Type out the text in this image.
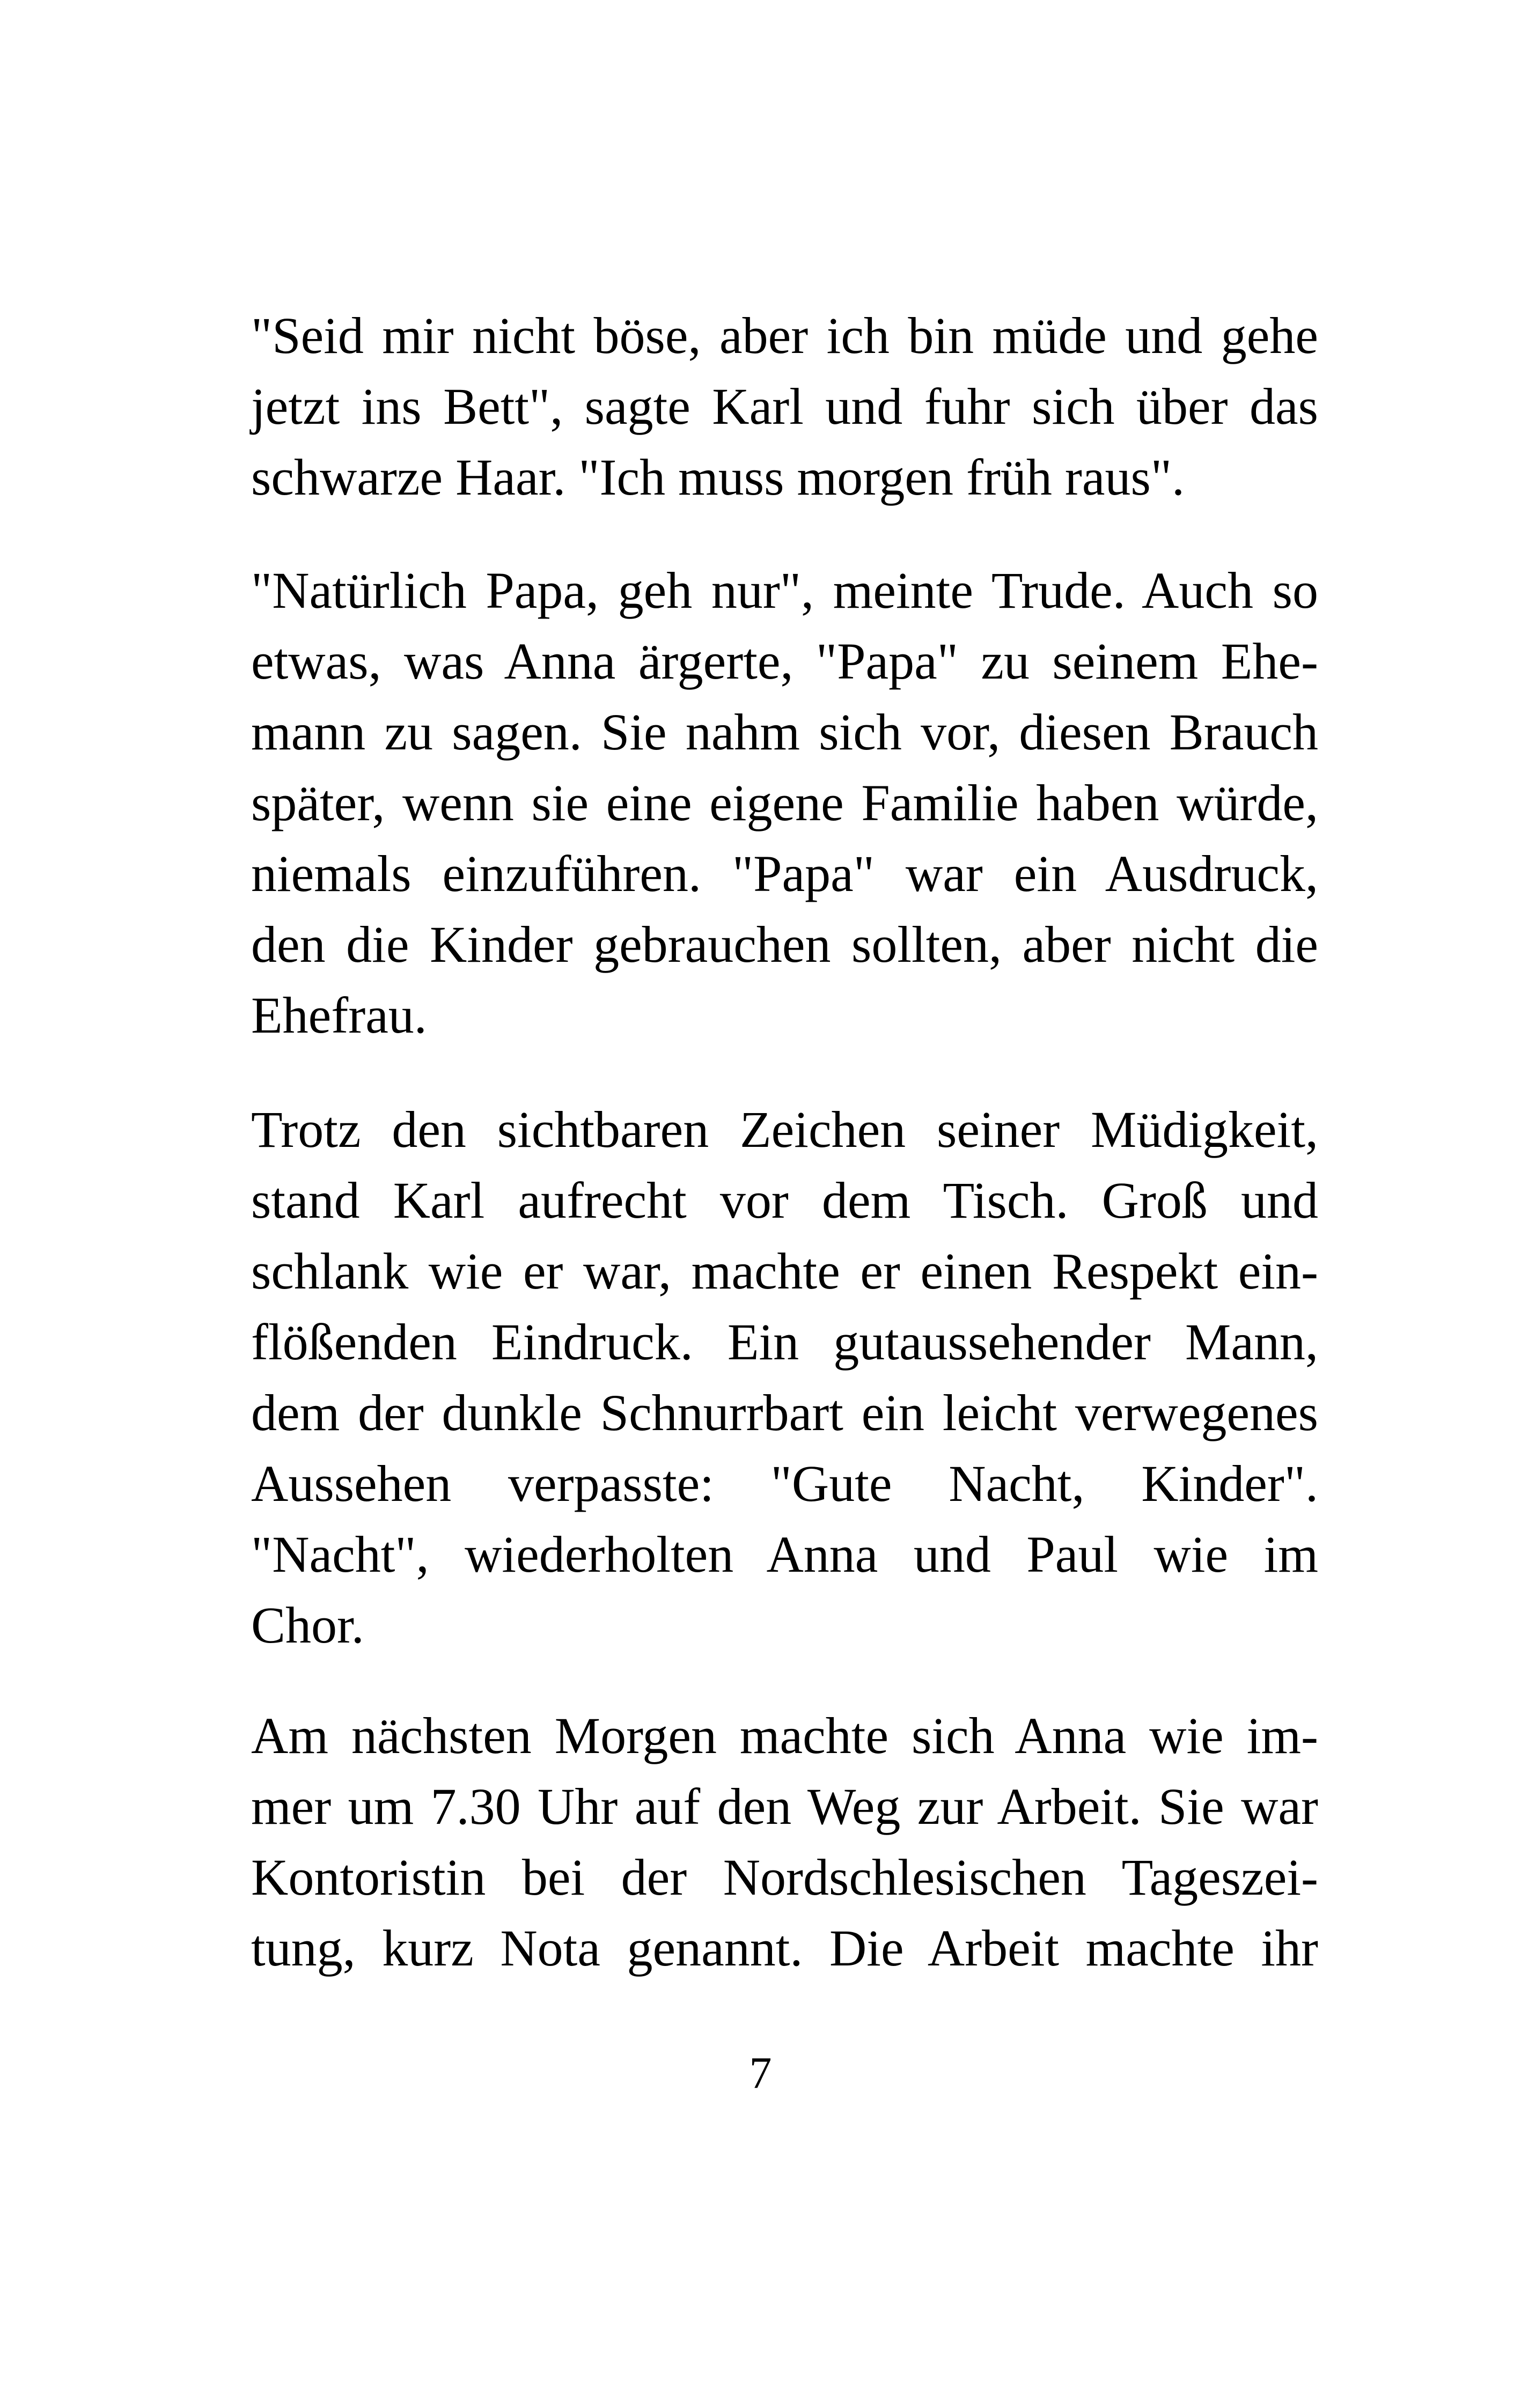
"Seid mir nicht böse, aber ich bin müde und gehe
jetzt ins Bett", sagte Karl und fuhr sich über das
schwarze Haar. "Ich muss morgen früh raus".
"Natürlich Papa, geh nur", meinte Trude. Auch so
etwas, was Anna ärgerte, "Papa" zu seinem Ehe-
mann zu sagen. Sie nahm sich vor, diesen Brauch
später, wenn sie eine eigene Familie haben würde,
niemals einzuführen. "Papa" war ein Ausdruck,
den die Kinder gebrauchen sollten, aber nicht die
Ehefrau.
Trotz den sichtbaren Zeichen seiner Müdigkeit,
stand Karl aufrecht vor dem Tisch. Groß und
schlank wie er war, machte er einen Respekt ein-
flößenden Eindruck. Ein gutaussehender Mann,
dem der dunkle Schnurrbart ein leicht verwegenes
Aussehen verpasste: "Gute Nacht, Kinder".
"Nacht", wiederholten Anna und Paul wie im
Chor.
Am nächsten Morgen machte sich Anna wie im-
mer um 7.30 Uhr auf den Weg zur Arbeit. Sie war
Kontoristin bei der Nordschlesischen Tageszei-
tung, kurz Nota genannt. Die Arbeit machte ihr
7
